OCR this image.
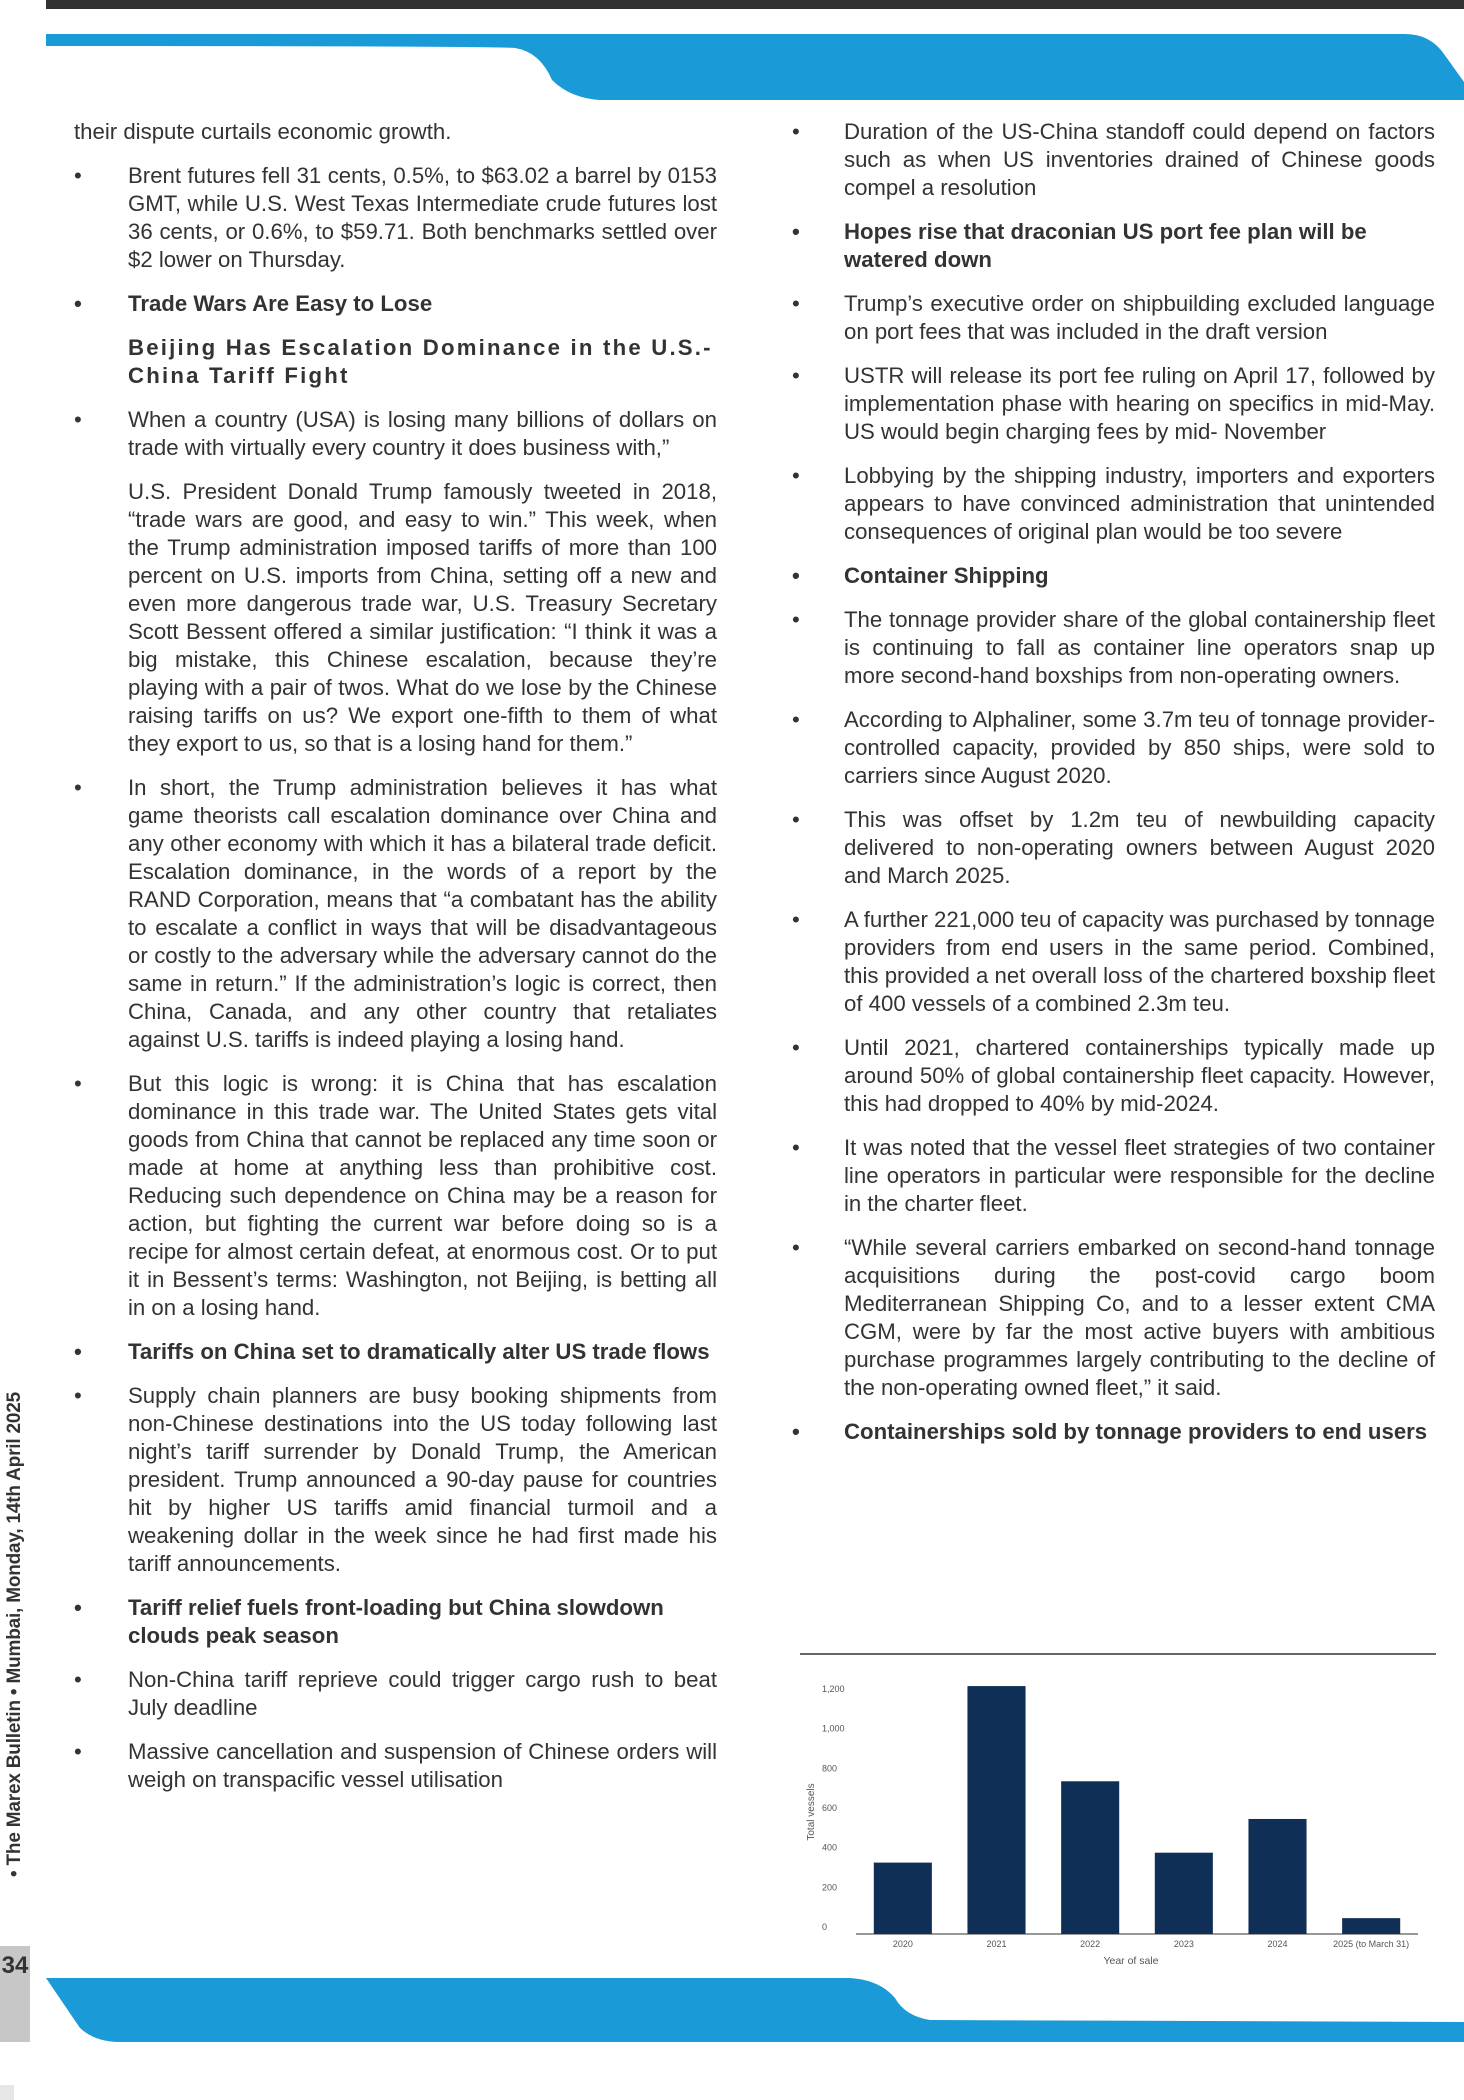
their dispute curtails economic growth.

• Brent futures fell 31 cents, 0.5%, to $63.02 a barrel by 0153 GMT, while U.S. West Texas Intermediate crude futures lost 36 cents, or 0.6%, to $59.71. Both benchmarks settled over $2 lower on Thursday.
• Trade Wars Are Easy to Lose
Beijing Has Escalation Dominance in the U.S.-China Tariff Fight
• When a country (USA) is losing many billions of dollars on trade with virtually every country it does business with,”
U.S. President Donald Trump famously tweeted in 2018, “trade wars are good, and easy to win.” This week, when the Trump administration imposed tariffs of more than 100 percent on U.S. imports from China, setting off a new and even more dangerous trade war, U.S. Treasury Secretary Scott Bessent offered a similar justification: “I think it was a big mistake, this Chinese escalation, because they’re playing with a pair of twos. What do we lose by the Chinese raising tariffs on us? We export one-fifth to them of what they export to us, so that is a losing hand for them.”
• In short, the Trump administration believes it has what game theorists call escalation dominance over China and any other economy with which it has a bilateral trade deficit. Escalation dominance, in the words of a report by the RAND Corporation, means that “a combatant has the ability to escalate a conflict in ways that will be disadvantageous or costly to the adversary while the adversary cannot do the same in return.” If the administration’s logic is correct, then China, Canada, and any other country that retaliates against U.S. tariffs is indeed playing a losing hand.
• But this logic is wrong: it is China that has escalation dominance in this trade war. The United States gets vital goods from China that cannot be replaced any time soon or made at home at anything less than prohibitive cost. Reducing such dependence on China may be a reason for action, but fighting the current war before doing so is a recipe for almost certain defeat, at enormous cost. Or to put it in Bessent’s terms: Washington, not Beijing, is betting all in on a losing hand.
• Tariffs on China set to dramatically alter US trade flows
• Supply chain planners are busy booking shipments from non-Chinese destinations into the US today following last night’s tariff surrender by Donald Trump, the American president. Trump announced a 90-day pause for countries hit by higher US tariffs amid financial turmoil and a weakening dollar in the week since he had first made his tariff announcements.
• Tariff relief fuels front-loading but China slowdown clouds peak season
• Non-China tariff reprieve could trigger cargo rush to beat July deadline
• Massive cancellation and suspension of Chinese orders will weigh on transpacific vessel utilisation
• Duration of the US-China standoff could depend on factors such as when US inventories drained of Chinese goods compel a resolution
• Hopes rise that draconian US port fee plan will be watered down
• Trump’s executive order on shipbuilding excluded language on port fees that was included in the draft version
• USTR will release its port fee ruling on April 17, followed by implementation phase with hearing on specifics in mid-May. US would begin charging fees by mid- November
• Lobbying by the shipping industry, importers and exporters appears to have convinced administration that unintended consequences of original plan would be too severe
• Container Shipping
• The tonnage provider share of the global containership fleet is continuing to fall as container line operators snap up more second-hand boxships from non-operating owners.
• According to Alphaliner, some 3.7m teu of tonnage provider-controlled capacity, provided by 850 ships, were sold to carriers since August 2020.
• This was offset by 1.2m teu of newbuilding capacity delivered to non-operating owners between August 2020 and March 2025.
• A further 221,000 teu of capacity was purchased by tonnage providers from end users in the same period. Combined, this provided a net overall loss of the chartered boxship fleet of 400 vessels of a combined 2.3m teu.
• Until 2021, chartered containerships typically made up around 50% of global containership fleet capacity. However, this had dropped to 40% by mid-2024.
• It was noted that the vessel fleet strategies of two container line operators in particular were responsible for the decline in the charter fleet.
• “While several carriers embarked on second-hand tonnage acquisitions during the post-covid cargo boom Mediterranean Shipping Co, and to a lesser extent CMA CGM, were by far the most active buyers with ambitious purchase programmes largely contributing to the decline of the non-operating owned fleet,” it said.
• Containerships sold by tonnage providers to end users
0
200
400
600
800
1,000
1,200
2020	2021	2022	2023	2024	2025 (to March 31)
Total vessels
Year of sale
• The Marex Bulletin • Mumbai, Monday, 14th April 2025
34
